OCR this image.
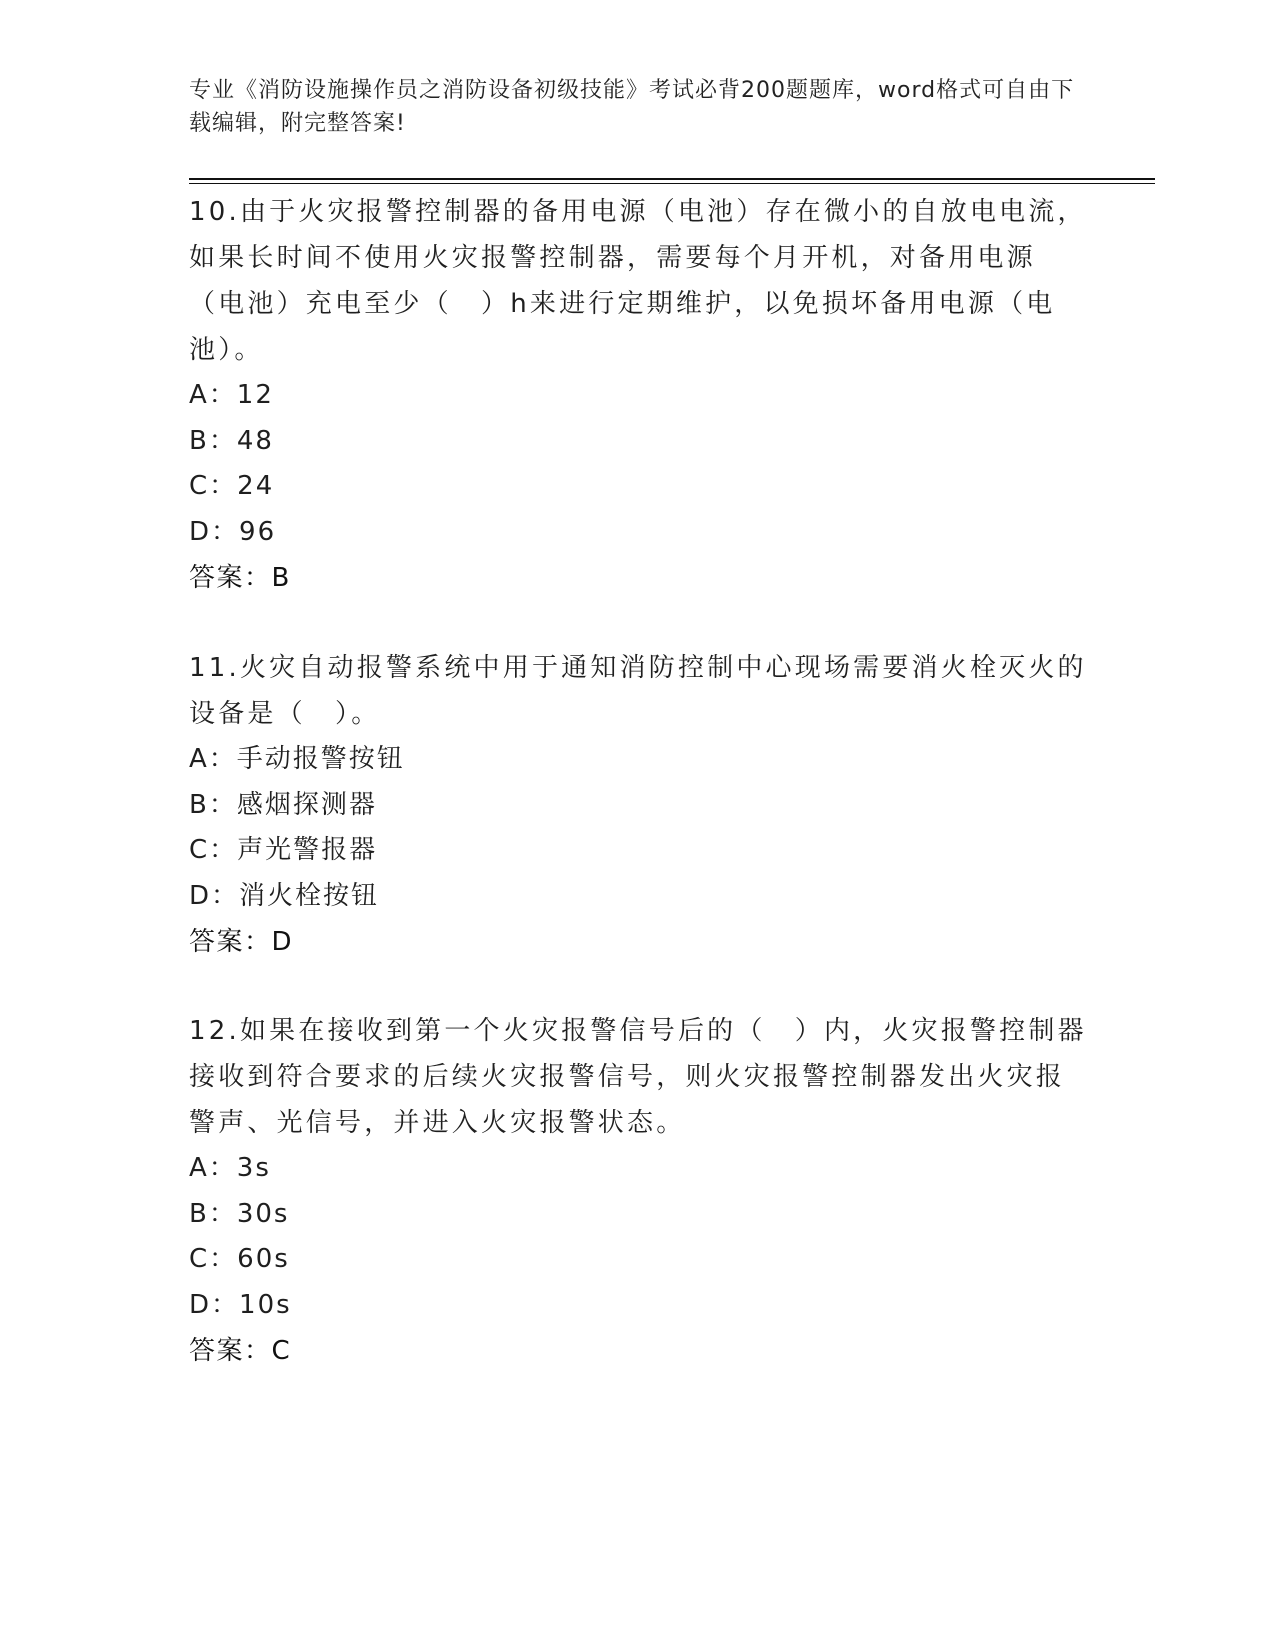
专业《消防设施操作员之消防设备初级技能》考试必背200题题库，word格式可自由下载编辑，附完整答案!
10.由于火灾报警控制器的备用电源（电池）存在微小的自放电电流，如果长时间不使用火灾报警控制器，需要每个月开机，对备用电源（电池）充电至少（　）h来进行定期维护，以免损坏备用电源（电池）。
A：12
B：48
C：24
D：96
答案：B
11.火灾自动报警系统中用于通知消防控制中心现场需要消火栓灭火的设备是（　）。
A：手动报警按钮
B：感烟探测器
C：声光警报器
D：消火栓按钮
答案：D
12.如果在接收到第一个火灾报警信号后的（　）内，火灾报警控制器接收到符合要求的后续火灾报警信号，则火灾报警控制器发出火灾报警声、光信号，并进入火灾报警状态。
A：3s
B：30s
C：60s
D：10s
答案：C
